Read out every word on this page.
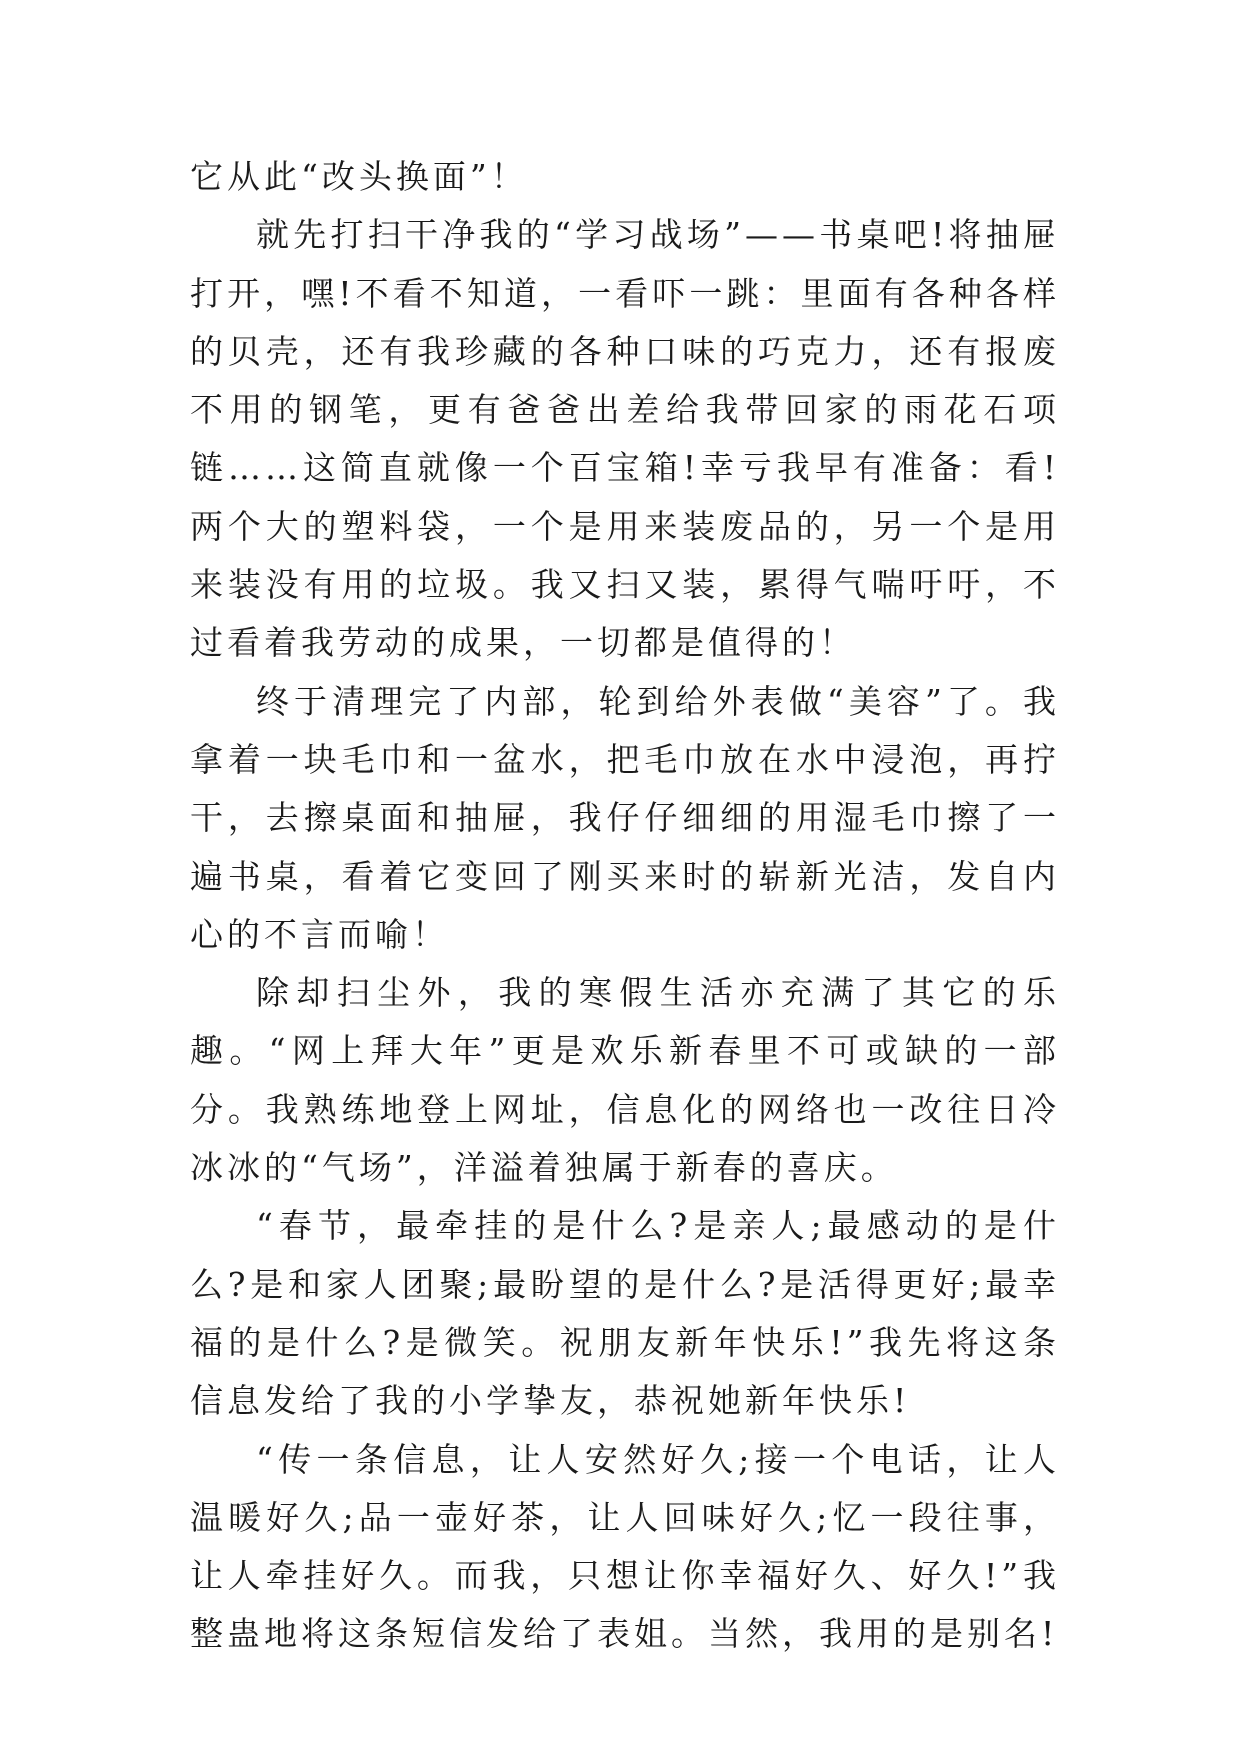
它从此“改头换面”！

就先打扫干净我的“学习战场”——书桌吧!将抽屉打开，嘿!不看不知道，一看吓一跳：里面有各种各样的贝壳，还有我珍藏的各种口味的巧克力，还有报废不用的钢笔，更有爸爸出差给我带回家的雨花石项链……这简直就像一个百宝箱!幸亏我早有准备：看!两个大的塑料袋，一个是用来装废品的，另一个是用来装没有用的垃圾。我又扫又装，累得气喘吁吁，不过看着我劳动的成果，一切都是值得的！

终于清理完了内部，轮到给外表做“美容”了。我拿着一块毛巾和一盆水，把毛巾放在水中浸泡，再拧干，去擦桌面和抽屉，我仔仔细细的用湿毛巾擦了一遍书桌，看着它变回了刚买来时的崭新光洁，发自内心的不言而喻！

除却扫尘外，我的寒假生活亦充满了其它的乐趣。“网上拜大年”更是欢乐新春里不可或缺的一部分。我熟练地登上网址，信息化的网络也一改往日冷冰冰的“气场”，洋溢着独属于新春的喜庆。

“春节，最牵挂的是什么?是亲人;最感动的是什么?是和家人团聚;最盼望的是什么?是活得更好;最幸福的是什么?是微笑。祝朋友新年快乐!”我先将这条信息发给了我的小学挚友，恭祝她新年快乐!

“传一条信息，让人安然好久;接一个电话，让人温暖好久;品一壶好茶，让人回味好久;忆一段往事，让人牵挂好久。而我，只想让你幸福好久、好久!”我整蛊地将这条短信发给了表姐。当然，我用的是别名!
